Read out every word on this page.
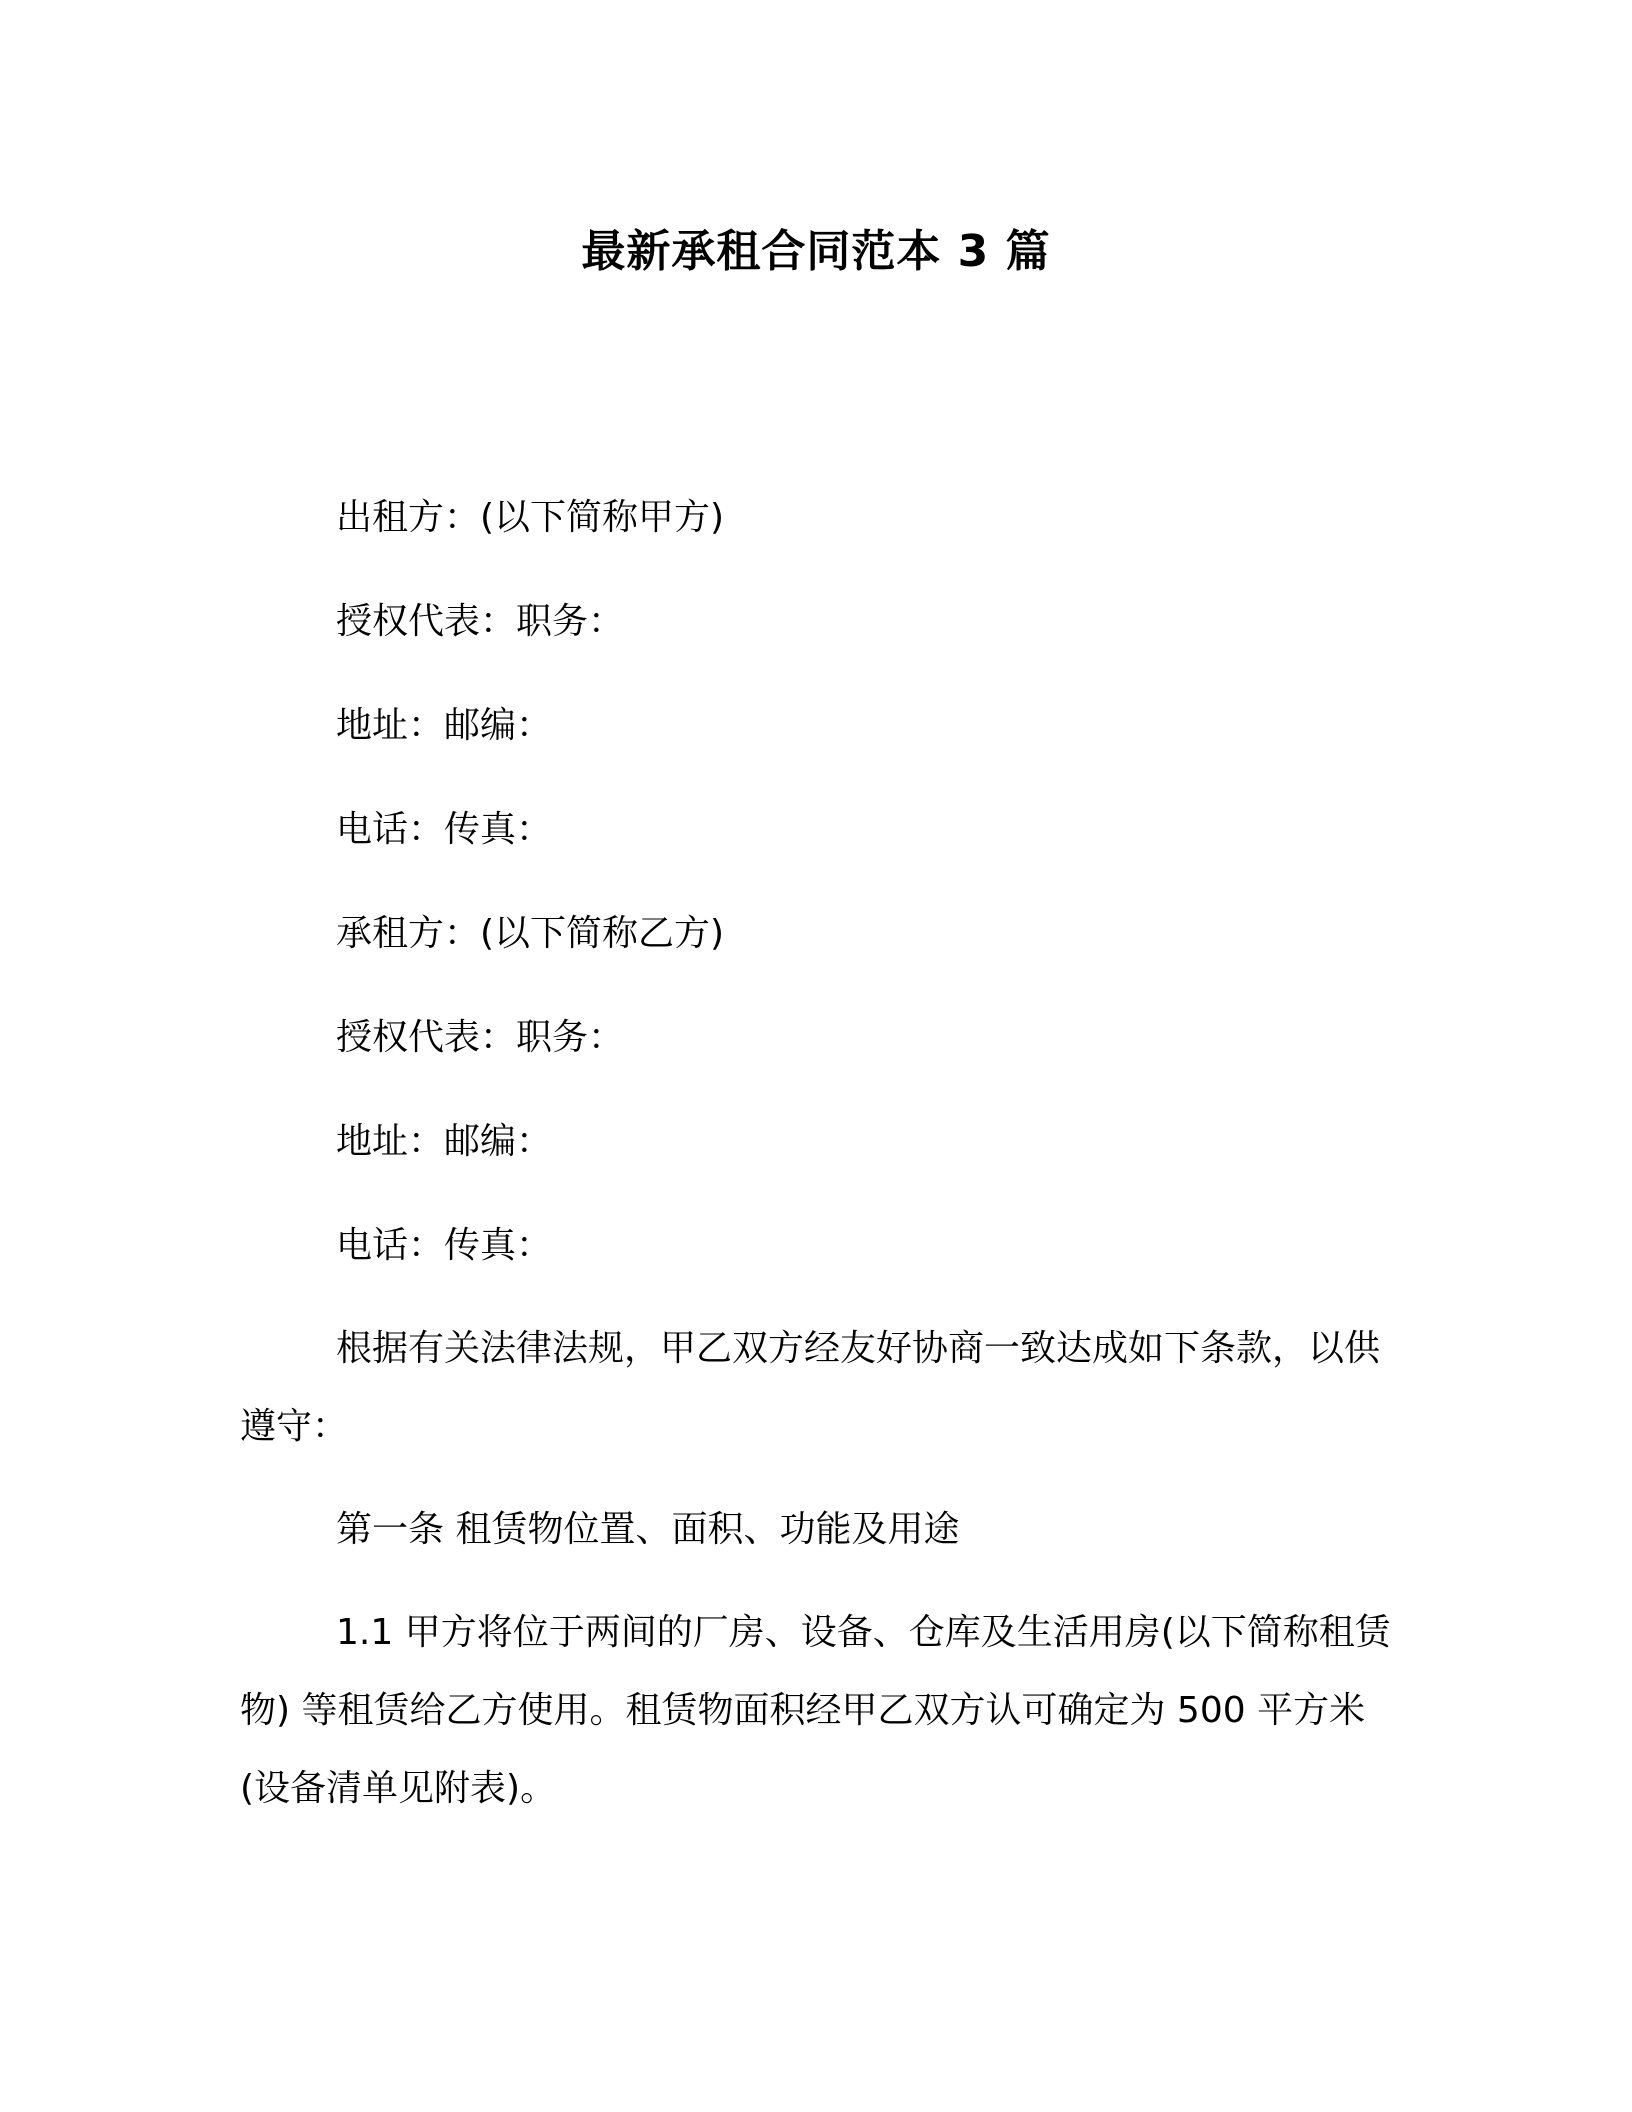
最新承租合同范本 3 篇
出租方：(以下简称甲方)
授权代表：职务：
地址：邮编：
电话：传真：
承租方：(以下简称乙方)
授权代表：职务：
地址：邮编：
电话：传真：

根据有关法律法规，甲乙双方经友好协商一致达成如下条款，以供遵守：

第一条 租赁物位置、面积、功能及用途

1.1 甲方将位于两间的厂房、设备、仓库及生活用房(以下简称租赁物) 等租赁给乙方使用。租赁物面积经甲乙双方认可确定为 500 平方米(设备清单见附表)。
